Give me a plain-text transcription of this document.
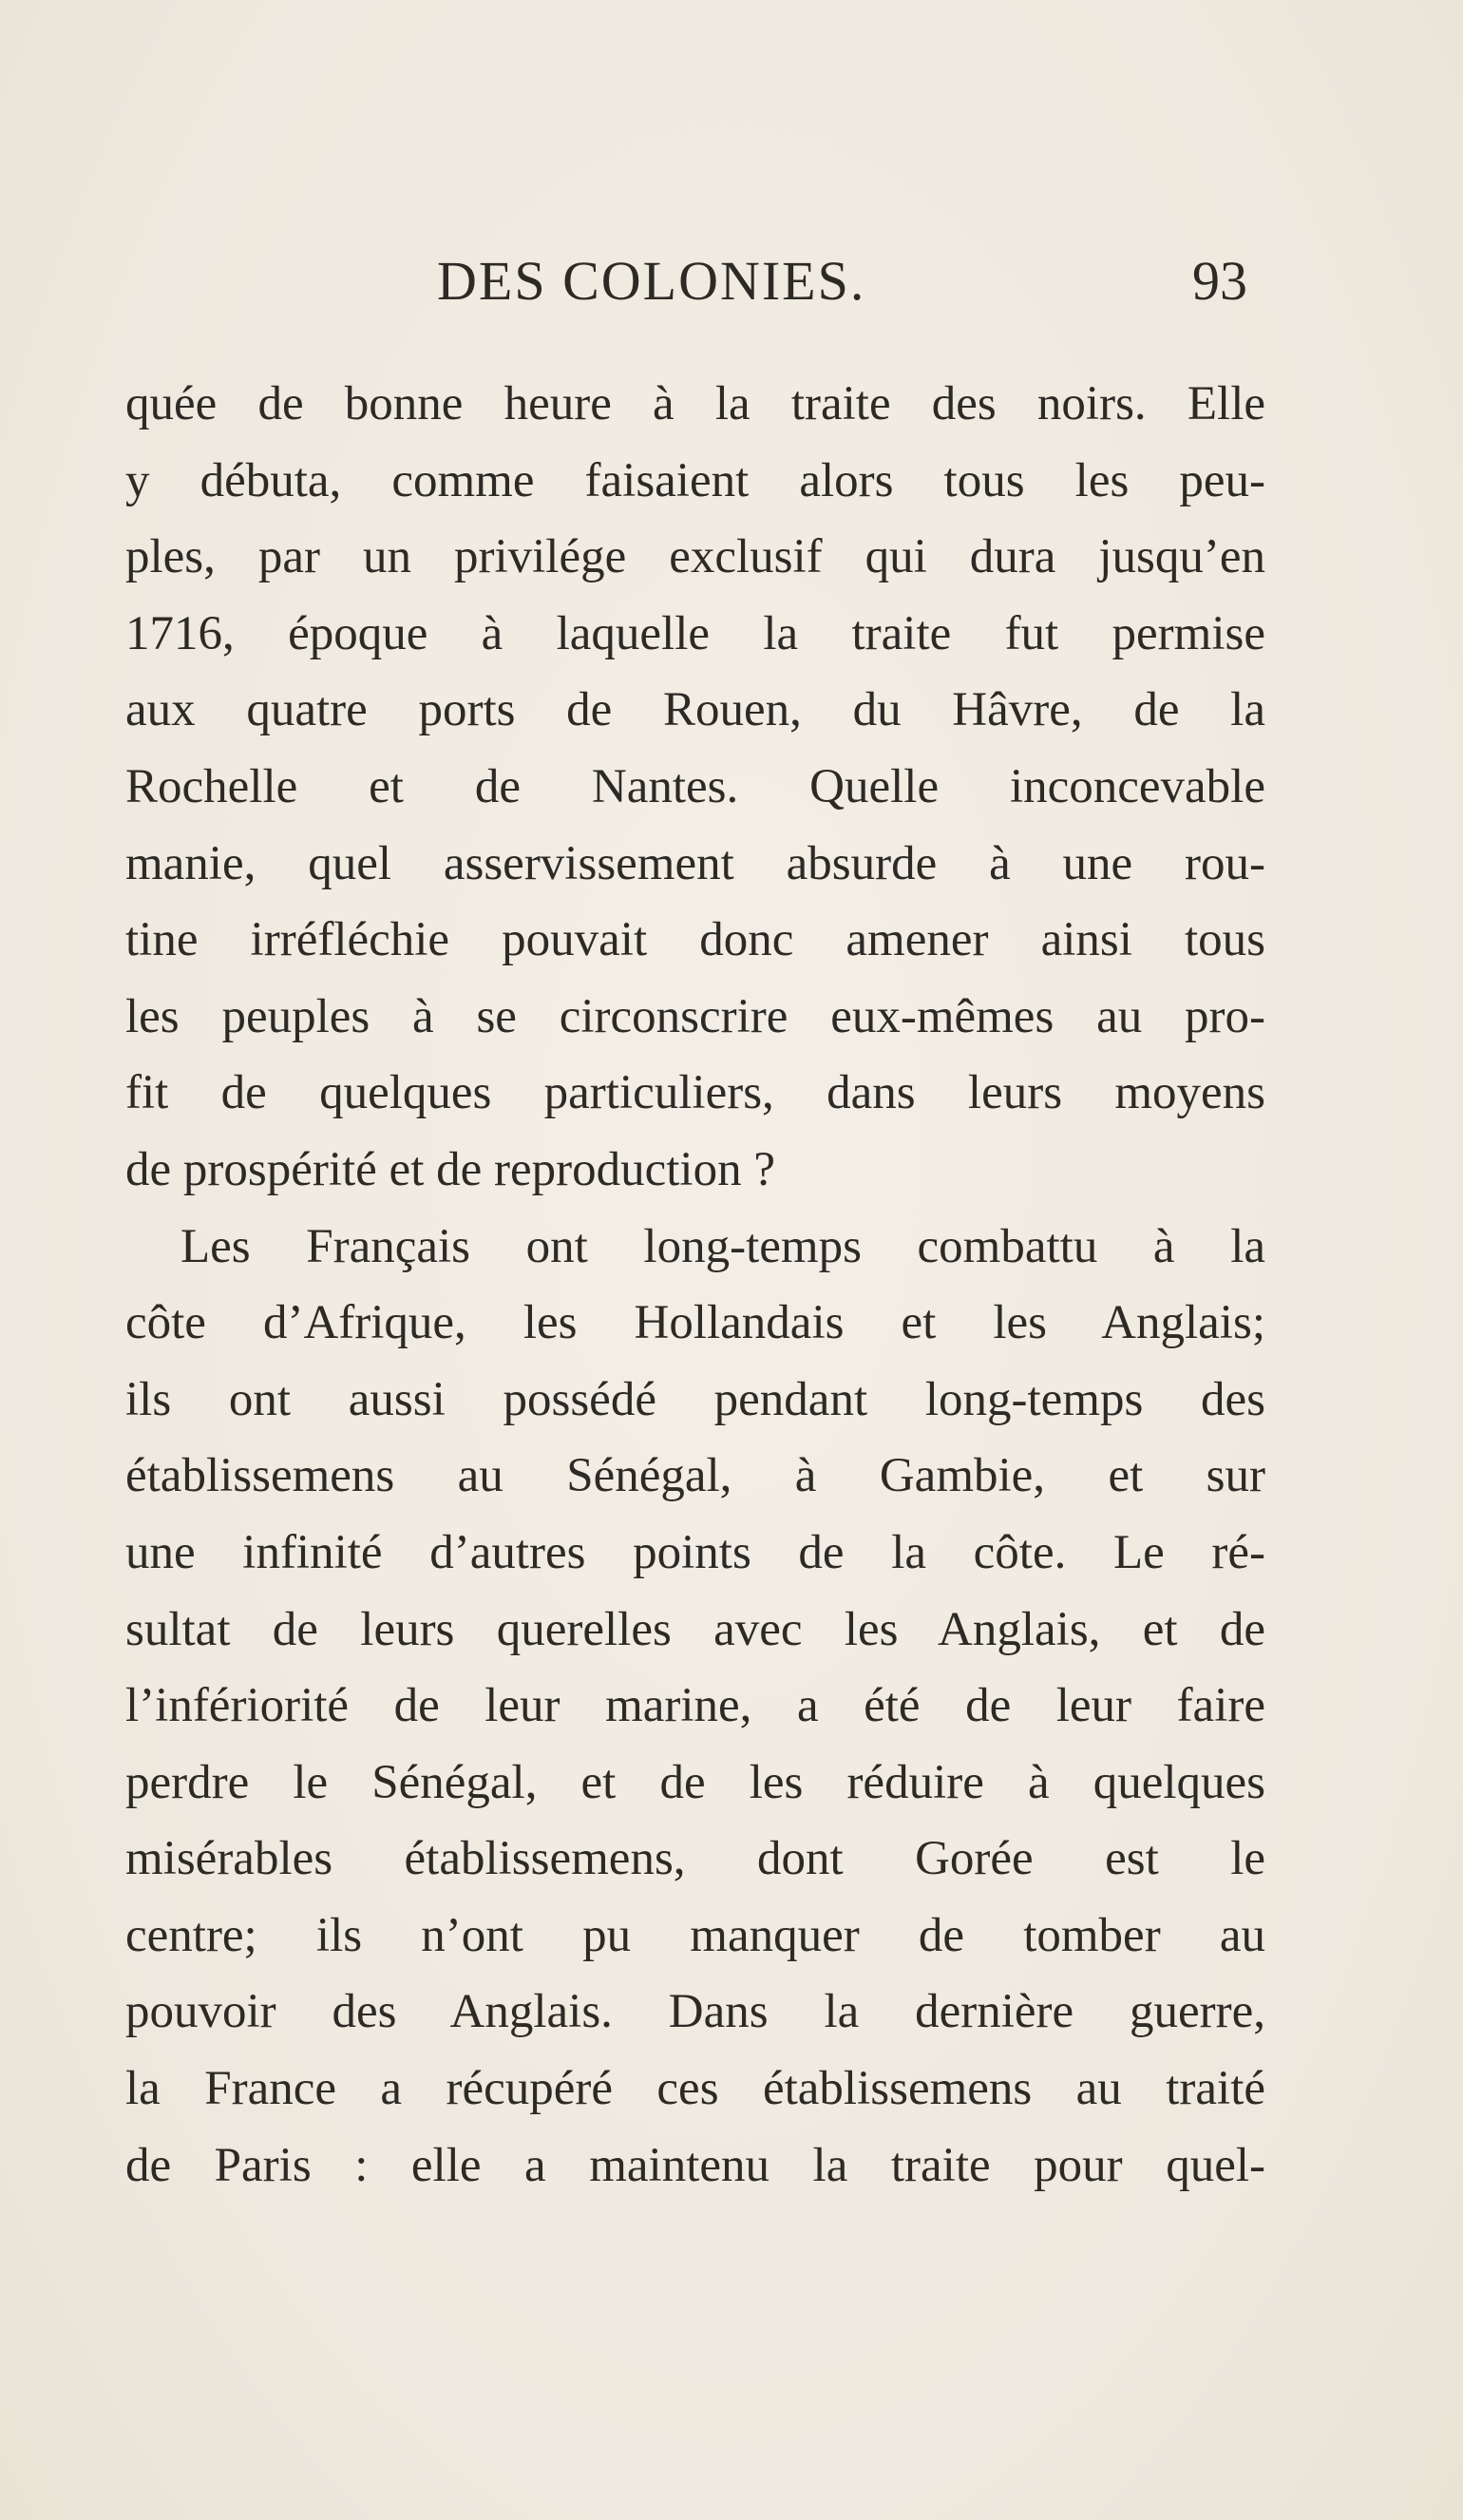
DES COLONIES.	93
quée de bonne heure à la traite des noirs. Elle
y débuta, comme faisaient alors tous les peu-
ples, par un privilége exclusif qui dura jusqu’en
1716, époque à laquelle la traite fut permise
aux quatre ports de Rouen, du Hâvre, de la
Rochelle et de Nantes. Quelle inconcevable
manie, quel asservissement absurde à une rou-
tine irréfléchie pouvait donc amener ainsi tous
les peuples à se circonscrire eux-mêmes au pro-
fit de quelques particuliers, dans leurs moyens
de prospérité et de reproduction ?
Les Français ont long-temps combattu à la
côte d’Afrique, les Hollandais et les Anglais;
ils ont aussi possédé pendant long-temps des
établissemens au Sénégal, à Gambie, et sur
une infinité d’autres points de la côte. Le ré-
sultat de leurs querelles avec les Anglais, et de
l’infériorité de leur marine, a été de leur faire
perdre le Sénégal, et de les réduire à quelques
misérables établissemens, dont Gorée est le
centre; ils n’ont pu manquer de tomber au
pouvoir des Anglais. Dans la dernière guerre,
la France a récupéré ces établissemens au traité
de Paris : elle a maintenu la traite pour quel-
